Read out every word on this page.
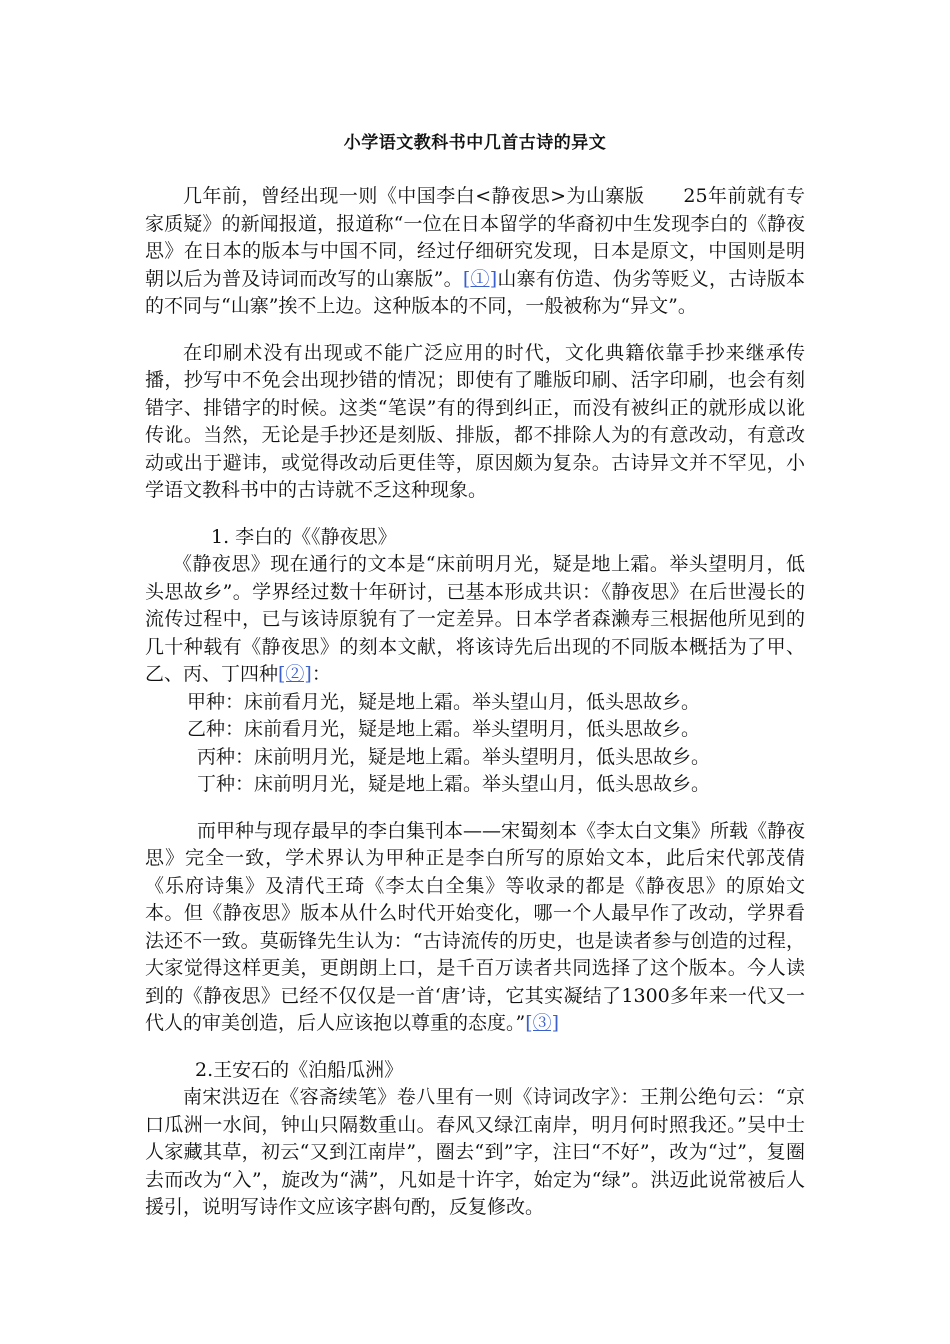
小学语文教科书中几首古诗的异文

几年前，曾经出现一则《中国李白<静夜思>为山寨版　　25年前就有专家质疑》的新闻报道，报道称“一位在日本留学的华裔初中生发现李白的《静夜思》在日本的版本与中国不同，经过仔细研究发现，日本是原文，中国则是明朝以后为普及诗词而改写的山寨版”。[①]山寨有仿造、伪劣等贬义，古诗版本的不同与“山寨”挨不上边。这种版本的不同，一般被称为“异文”。

在印刷术没有出现或不能广泛应用的时代，文化典籍依靠手抄来继承传播，抄写中不免会出现抄错的情况；即使有了雕版印刷、活字印刷，也会有刻错字、排错字的时候。这类“笔误”有的得到纠正，而没有被纠正的就形成以讹传讹。当然，无论是手抄还是刻版、排版，都不排除人为的有意改动，有意改动或出于避讳，或觉得改动后更佳等，原因颇为复杂。古诗异文并不罕见，小学语文教科书中的古诗就不乏这种现象。

1. 李白的《《静夜思》

《静夜思》现在通行的文本是“床前明月光，疑是地上霜。举头望明月，低头思故乡”。学界经过数十年研讨，已基本形成共识：《静夜思》在后世漫长的流传过程中，已与该诗原貌有了一定差异。日本学者森濑寿三根据他所见到的几十种载有《静夜思》的刻本文献，将该诗先后出现的不同版本概括为了甲、乙、丙、丁四种[②]：

甲种：床前看月光，疑是地上霜。举头望山月，低头思故乡。

乙种：床前看月光，疑是地上霜。举头望明月，低头思故乡。

丙种：床前明月光，疑是地上霜。举头望明月，低头思故乡。

丁种：床前明月光，疑是地上霜。举头望山月，低头思故乡。

而甲种与现存最早的李白集刊本——宋蜀刻本《李太白文集》所载《静夜思》完全一致，学术界认为甲种正是李白所写的原始文本，此后宋代郭茂倩《乐府诗集》及清代王琦《李太白全集》等收录的都是《静夜思》的原始文本。但《静夜思》版本从什么时代开始变化，哪一个人最早作了改动，学界看法还不一致。莫砺锋先生认为：“古诗流传的历史，也是读者参与创造的过程，大家觉得这样更美，更朗朗上口，是千百万读者共同选择了这个版本。今人读到的《静夜思》已经不仅仅是一首‘唐’诗，它其实凝结了1300多年来一代又一代人的审美创造，后人应该抱以尊重的态度。”[③]

2.王安石的《泊船瓜洲》

南宋洪迈在《容斋续笔》卷八里有一则《诗词改字》：王荆公绝句云：“京口瓜洲一水间，钟山只隔数重山。春风又绿江南岸，明月何时照我还。”吴中士人家藏其草，初云“又到江南岸”，圈去“到”字，注曰“不好”，改为“过”，复圈去而改为“入”，旋改为“满”，凡如是十许字，始定为“绿”。洪迈此说常被后人援引，说明写诗作文应该字斟句酌，反复修改。
